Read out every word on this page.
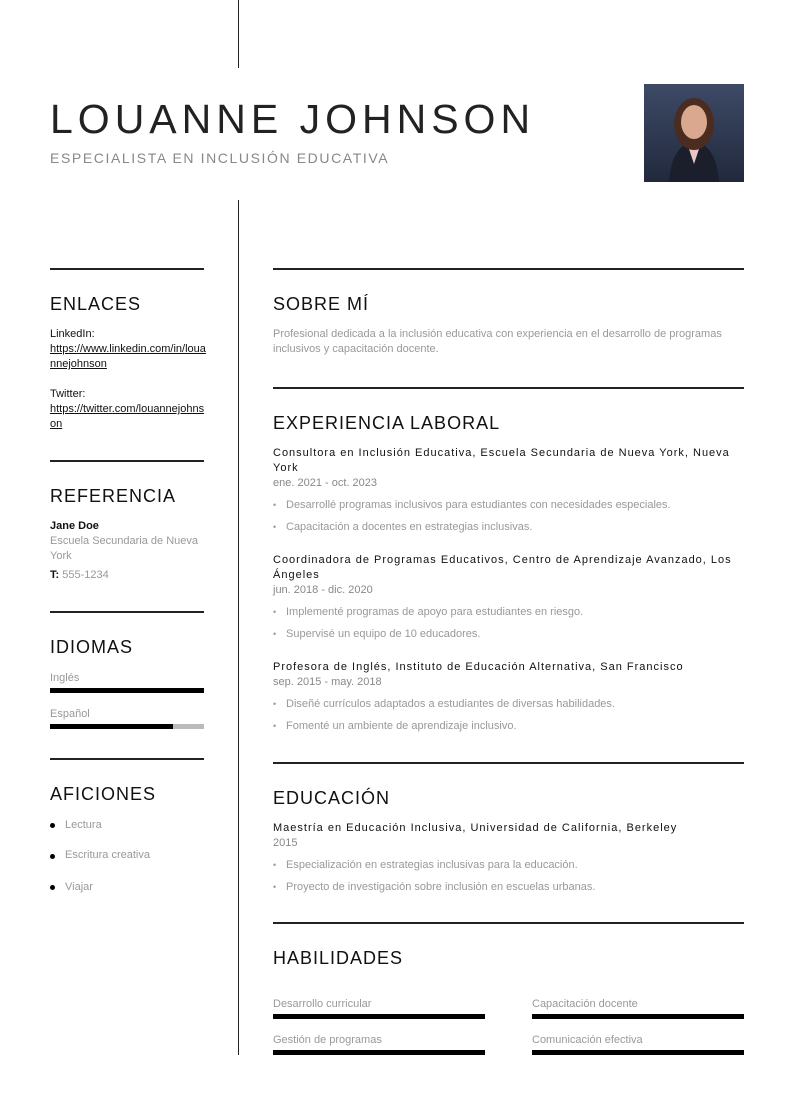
LOUANNE JOHNSON
ESPECIALISTA EN INCLUSIÓN EDUCATIVA
ENLACES
LinkedIn:
https://www.linkedin.com/in/louannejohnson
Twitter:
https://twitter.com/louannejohnson
REFERENCIA
Jane Doe
Escuela Secundaria de Nueva York
T: 555-1234
IDIOMAS
Inglés
Español
AFICIONES
Lectura
Escritura creativa
Viajar
SOBRE MÍ
Profesional dedicada a la inclusión educativa con experiencia en el desarrollo de programas inclusivos y capacitación docente.
EXPERIENCIA LABORAL
Consultora en Inclusión Educativa, Escuela Secundaria de Nueva York, Nueva York
ene. 2021 - oct. 2023
• Desarrollé programas inclusivos para estudiantes con necesidades especiales.
• Capacitación a docentes en estrategias inclusivas.
Coordinadora de Programas Educativos, Centro de Aprendizaje Avanzado, Los Ángeles
jun. 2018 - dic. 2020
• Implementé programas de apoyo para estudiantes en riesgo.
• Supervisé un equipo de 10 educadores.
Profesora de Inglés, Instituto de Educación Alternativa, San Francisco
sep. 2015 - may. 2018
• Diseñé currículos adaptados a estudiantes de diversas habilidades.
• Fomenté un ambiente de aprendizaje inclusivo.
EDUCACIÓN
Maestría en Educación Inclusiva, Universidad de California, Berkeley
2015
• Especialización en estrategias inclusivas para la educación.
• Proyecto de investigación sobre inclusión en escuelas urbanas.
HABILIDADES
Desarrollo curricular	Capacitación docente
Gestión de programas	Comunicación efectiva
